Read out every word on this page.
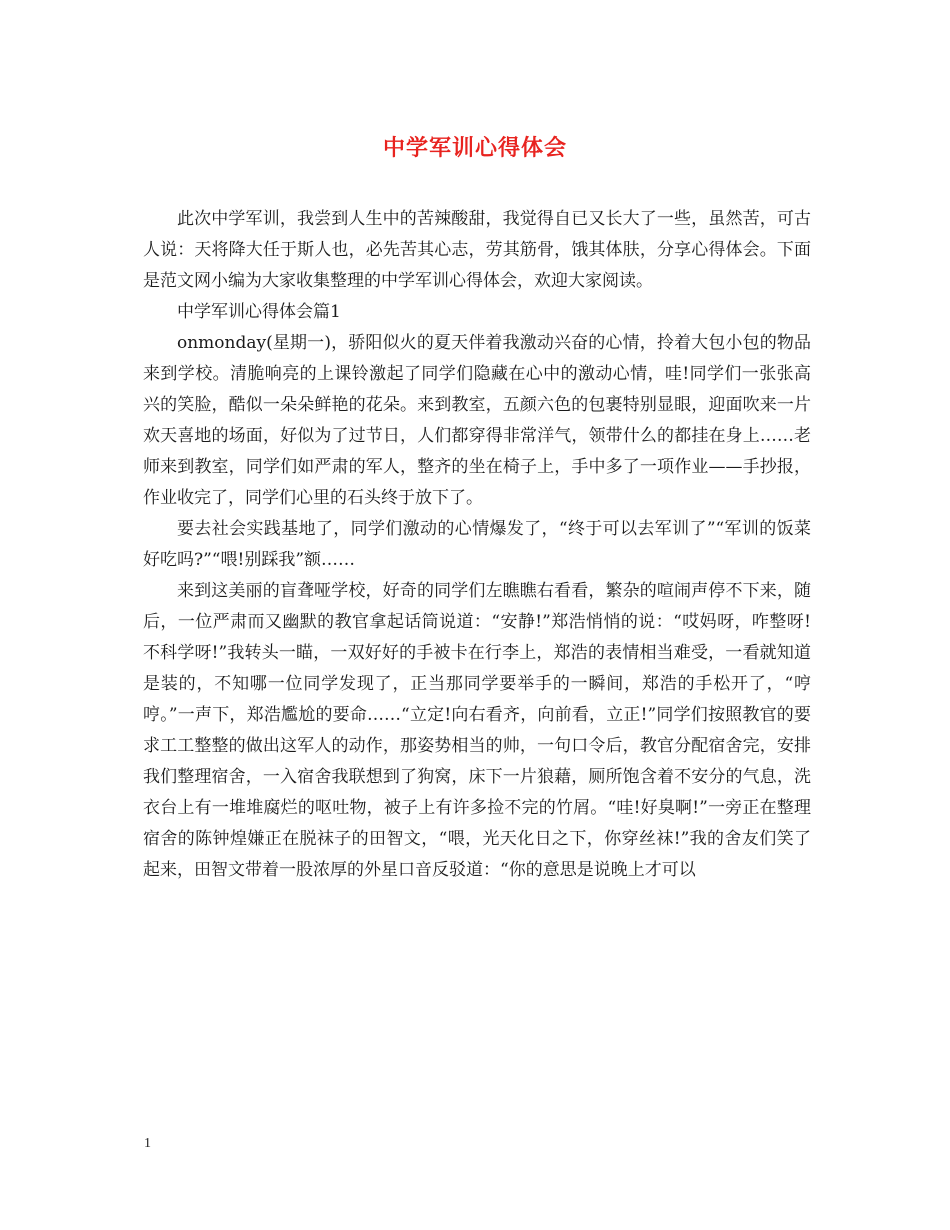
中学军训心得体会

此次中学军训，我尝到人生中的苦辣酸甜，我觉得自已又长大了一些，虽然苦，可古人说：天将降大任于斯人也，必先苦其心志，劳其筋骨，饿其体肤，分享心得体会。下面是范文网小编为大家收集整理的中学军训心得体会，欢迎大家阅读。

中学军训心得体会篇1

onmonday(星期一)，骄阳似火的夏天伴着我激动兴奋的心情，拎着大包小包的物品来到学校。清脆响亮的上课铃激起了同学们隐藏在心中的激动心情，哇!同学们一张张高兴的笑脸，酷似一朵朵鲜艳的花朵。来到教室，五颜六色的包裹特别显眼，迎面吹来一片欢天喜地的场面，好似为了过节日，人们都穿得非常洋气，领带什么的都挂在身上……老师来到教室，同学们如严肃的军人，整齐的坐在椅子上，手中多了一项作业——手抄报，作业收完了，同学们心里的石头终于放下了。

要去社会实践基地了，同学们激动的心情爆发了，“终于可以去军训了”“军训的饭菜好吃吗?”“喂!别踩我”额……

来到这美丽的盲聋哑学校，好奇的同学们左瞧瞧右看看，繁杂的喧闹声停不下来，随后，一位严肃而又幽默的教官拿起话筒说道：“安静!”郑浩悄悄的说：“哎妈呀，咋整呀!不科学呀!”我转头一瞄，一双好好的手被卡在行李上，郑浩的表情相当难受，一看就知道是装的，不知哪一位同学发现了，正当那同学要举手的一瞬间，郑浩的手松开了，“哼哼。”一声下，郑浩尷尬的要命……“立定!向右看齐，向前看，立正!”同学们按照教官的要求工工整整的做出这军人的动作，那姿势相当的帅，一句口令后，教官分配宿舍完，安排我们整理宿舍，一入宿舍我联想到了狗窝，床下一片狼藉，厕所饱含着不安分的气息，洗衣台上有一堆堆腐烂的呕吐物，被子上有许多捡不完的竹屑。“哇!好臭啊!”一旁正在整理宿舍的陈钟煌嫌正在脱袜子的田智文，“喂，光天化日之下，你穿丝袜!”我的舍友们笑了起来，田智文带着一股浓厚的外星口音反驳道：“你的意思是说晚上才可以

1
